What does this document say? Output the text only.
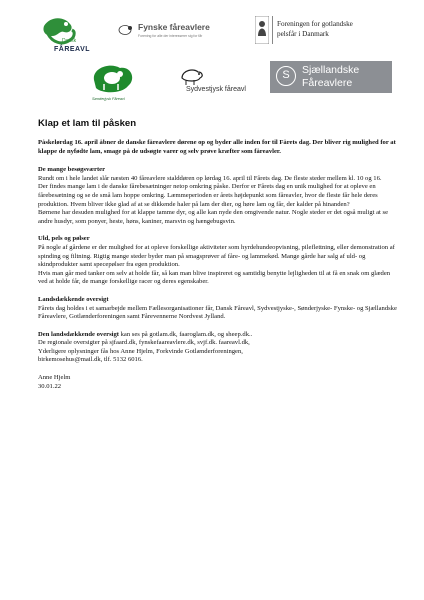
Dansk
FÅREAVL
Fynske fåreavlere
Forening for alle der interesserer sig for får
Foreningen for gotlandske
pelsfår i Danmark
Sønderjysk Fåreavl
Sydvestjysk fåreavl
S	Sjællandske
Fåreavlere
Klap et lam til påsken

Påskelørdag 16. april åbner de danske fåreavlere dørene op og byder alle inden for til Fårets dag. Der bliver rig mulighed for at klappe de nyfødte lam, smage på de udsøgte varer og selv prøve kræfter som fåreavler.

De mange besøgsværter

Rundt om i hele landet slår næsten 40 fåreavlere stalddøren op lørdag 16. april til Fårets dag. De fleste steder mellem kl. 10 og 16.

Der findes mange lam i de danske fårebesætninger netop omkring påske. Derfor er Fårets dag en unik mulighed for at opleve en fårebesætning og se de små lam hoppe omkring. Læmmeperioden er årets højdepunkt som fåreavler, hvor de fleste får hele deres produktion. Hvem bliver ikke glad af at se dikkende haler på lam der dier, og høre lam og får, der kalder på hinanden?

Børnene har desuden mulighed for at klappe tamme dyr, og alle kan nyde den omgivende natur. Nogle steder er det også muligt at se andre husdyr, som ponyer, heste, høns, kaniner, marsvin og hængebugsvin.

Uld, pels og pølser

På nogle af gårdene er der mulighed for at opleve forskellige aktiviteter som hyrdehundeopvisning, pileflettning, eller demonstration af spinding og filtning. Rigtig mange steder byder man på smagsprøver af fåre- og lammekød. Mange gårde har salg af uld- og skindprodukter samt specepølser fra egen produktion.

Hvis man går med tanker om selv at holde får, så kan man blive inspireret og samtidig benytte lejligheden til at få en snak om glæden ved at holde får, de mange forskellige racer og deres egenskaber.

Landsdækkende oversigt

Fårets dag holdes i et samarbejde mellem Fællesorganisationer får, Dansk Fåreavl, Sydvestjyske-, Sønderjyske- Fynske- og Sjællandske Fåreavlere, Gotlænderforeningen samt Fårevennerne Nordvest Jylland.

Den landsdækkende oversigt kan ses på gotlam.dk, faaroglam.dk, og sheep.dk..

De regionale oversigter på sjfaard.dk, fynskefaareavlere.dk, svjf.dk. faareavl.dk,

Yderligere oplysninger fås hos Anne Hjelm, Forkvinde Gotlænderforeningen,

birkemosehus@mail.dk, tlf. 5132 6016.

Anne Hjelm

30.01.22
